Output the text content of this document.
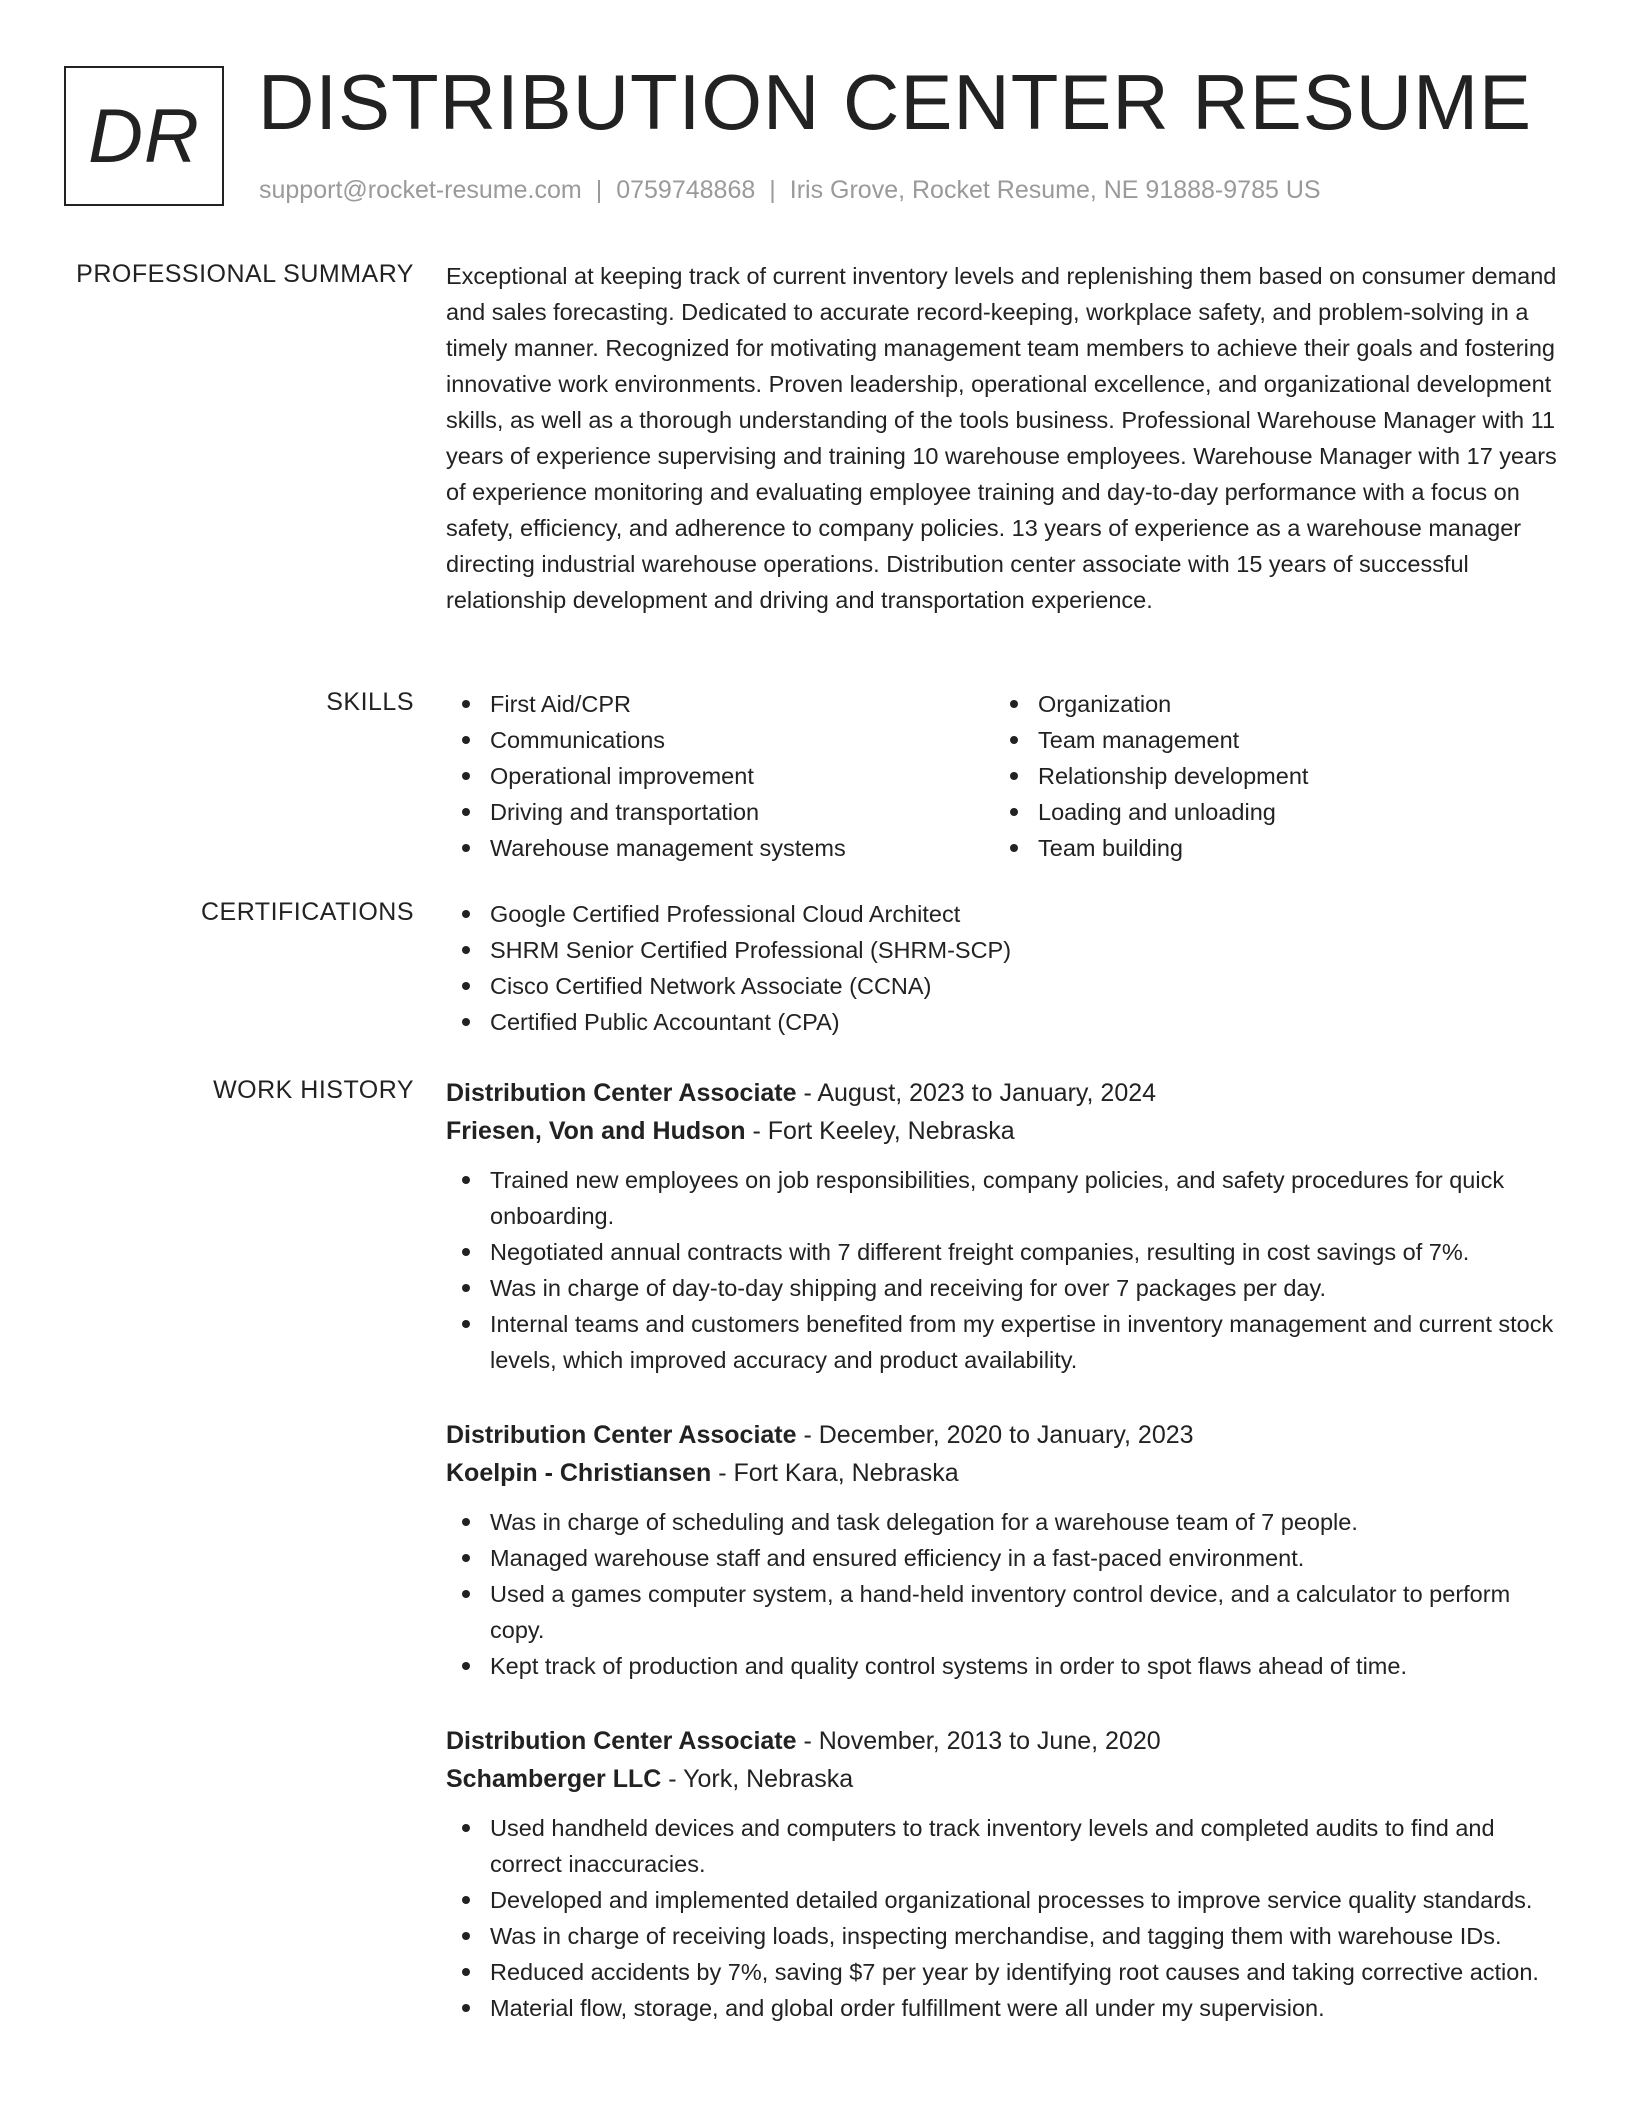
DR DISTRIBUTION CENTER RESUME
support@rocket-resume.com | 0759748868 | Iris Grove, Rocket Resume, NE 91888-9785 US
PROFESSIONAL SUMMARY Exceptional at keeping track of current inventory levels and replenishing them based on consumer demand and sales forecasting. Dedicated to accurate record-keeping, workplace safety, and problem-solving in a timely manner. Recognized for motivating management team members to achieve their goals and fostering innovative work environments. Proven leadership, operational excellence, and organizational development skills, as well as a thorough understanding of the tools business. Professional Warehouse Manager with 11 years of experience supervising and training 10 warehouse employees. Warehouse Manager with 17 years of experience monitoring and evaluating employee training and day-to-day performance with a focus on safety, efficiency, and adherence to company policies. 13 years of experience as a warehouse manager directing industrial warehouse operations. Distribution center associate with 15 years of successful relationship development and driving and transportation experience.

SKILLS	First Aid/CPR
Communications
Operational improvement
Driving and transportation
Warehouse management systems
Organization
Team management
Relationship development
Loading and unloading
Team building
CERTIFICATIONS	Google Certified Professional Cloud Architect
SHRM Senior Certified Professional (SHRM-SCP)
Cisco Certified Network Associate (CCNA)
Certified Public Accountant (CPA)
WORK HISTORY Distribution Center Associate - August, 2023 to January, 2024
Friesen, Von and Hudson - Fort Keeley, Nebraska
Trained new employees on job responsibilities, company policies, and safety procedures for quick onboarding.
Negotiated annual contracts with 7 different freight companies, resulting in cost savings of 7%.
Was in charge of day-to-day shipping and receiving for over 7 packages per day.
Internal teams and customers benefited from my expertise in inventory management and current stock levels, which improved accuracy and product availability.
Distribution Center Associate - December, 2020 to January, 2023
Koelpin - Christiansen - Fort Kara, Nebraska
Was in charge of scheduling and task delegation for a warehouse team of 7 people.
Managed warehouse staff and ensured efficiency in a fast-paced environment.
Used a games computer system, a hand-held inventory control device, and a calculator to perform copy.
Kept track of production and quality control systems in order to spot flaws ahead of time.
Distribution Center Associate - November, 2013 to June, 2020
Schamberger LLC - York, Nebraska
Used handheld devices and computers to track inventory levels and completed audits to find and correct inaccuracies.
Developed and implemented detailed organizational processes to improve service quality standards.
Was in charge of receiving loads, inspecting merchandise, and tagging them with warehouse IDs.
Reduced accidents by 7%, saving $7 per year by identifying root causes and taking corrective action.
Material flow, storage, and global order fulfillment were all under my supervision.
